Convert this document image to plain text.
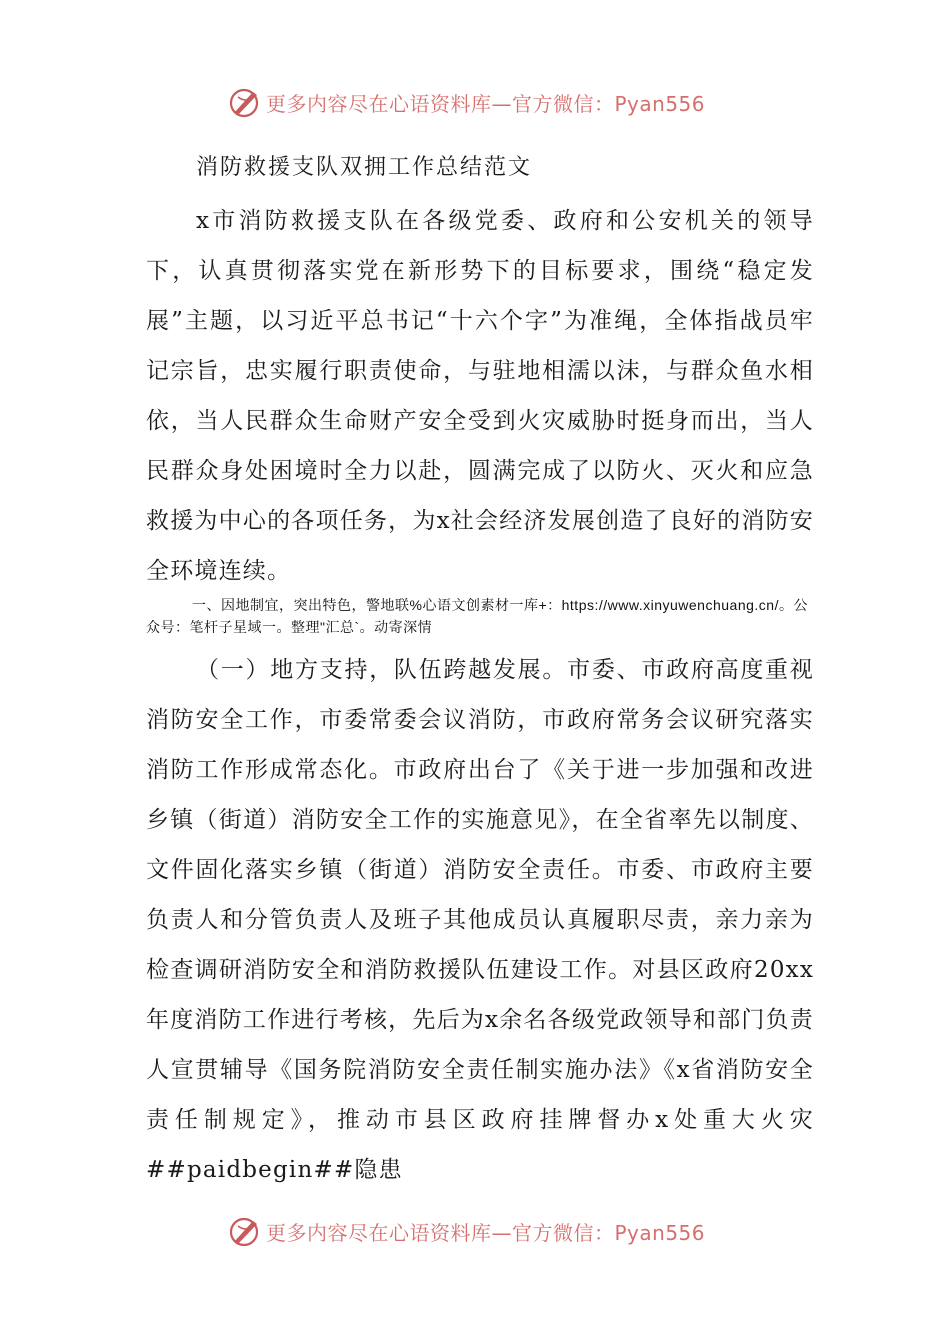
更多内容尽在心语资料库—官方微信：Pyan556
消防救援支队双拥工作总结范文

x市消防救援支队在各级党委、政府和公安机关的领导下，认真贯彻落实党在新形势下的目标要求，围绕“稳定发展”主题，以习近平总书记“十六个字”为准绳，全体指战员牢记宗旨，忠实履行职责使命，与驻地相濡以沫，与群众鱼水相依，当人民群众生命财产安全受到火灾威胁时挺身而出，当人民群众身处困境时全力以赴，圆满完成了以防火、灭火和应急救援为中心的各项任务，为x社会经济发展创造了良好的消防安全环境连续。

一、因地制宜，突出特色，警地联%心语文创素材一库+：https://www.xinyuwenchuang.cn/。公众号：笔杆子星域一。整理"汇总`。动寄深情

（一）地方支持，队伍跨越发展。市委、市政府高度重视消防安全工作，市委常委会议消防，市政府常务会议研究落实消防工作形成常态化。市政府出台了《关于进一步加强和改进乡镇（街道）消防安全工作的实施意见》，在全省率先以制度、文件固化落实乡镇（街道）消防安全责任。市委、市政府主要负责人和分管负责人及班子其他成员认真履职尽责，亲力亲为检查调研消防安全和消防救援队伍建设工作。对县区政府20xx年度消防工作进行考核，先后为x余名各级党政领导和部门负责人宣贯辅导《国务院消防安全责任制实施办法》《x省消防安全责任制规定》，推动市县区政府挂牌督办x处重大火灾##paidbegin##隐患

更多内容尽在心语资料库—官方微信：Pyan556
